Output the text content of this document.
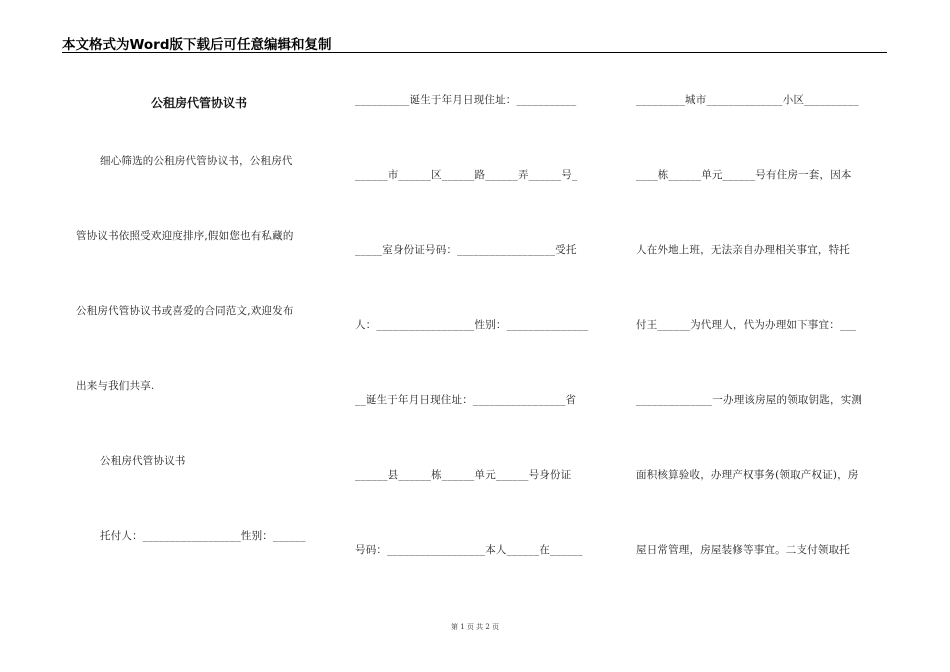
本文格式为Word版下载后可任意编辑和复制
公租房代管协议书
细心筛选的公租房代管协议书，公租房代
管协议书依照受欢迎度排序,假如您也有私藏的
公租房代管协议书或喜爱的合同范文,欢迎发布
出来与我们共享.
公租房代管协议书
托付人：__________________性别：______
__________诞生于年月日现住址：___________
______市______区______路______弄______号_
_____室身份证号码：__________________受托
人：__________________性别：_______________
__诞生于年月日现住址：_________________省
______县______栋______单元______号身份证
号码：__________________本人______在______
_________城市______________小区__________
____栋______单元______号有住房一套，因本
人在外地上班，无法亲自办理相关事宜，特托
付王______为代理人，代为办理如下事宜：___
______________一办理该房屋的领取钥匙，实测
面积核算验收，办理产权事务(领取产权证)，房
屋日常管理，房屋装修等事宜。二支付领取托
第 1 页 共 2 页
